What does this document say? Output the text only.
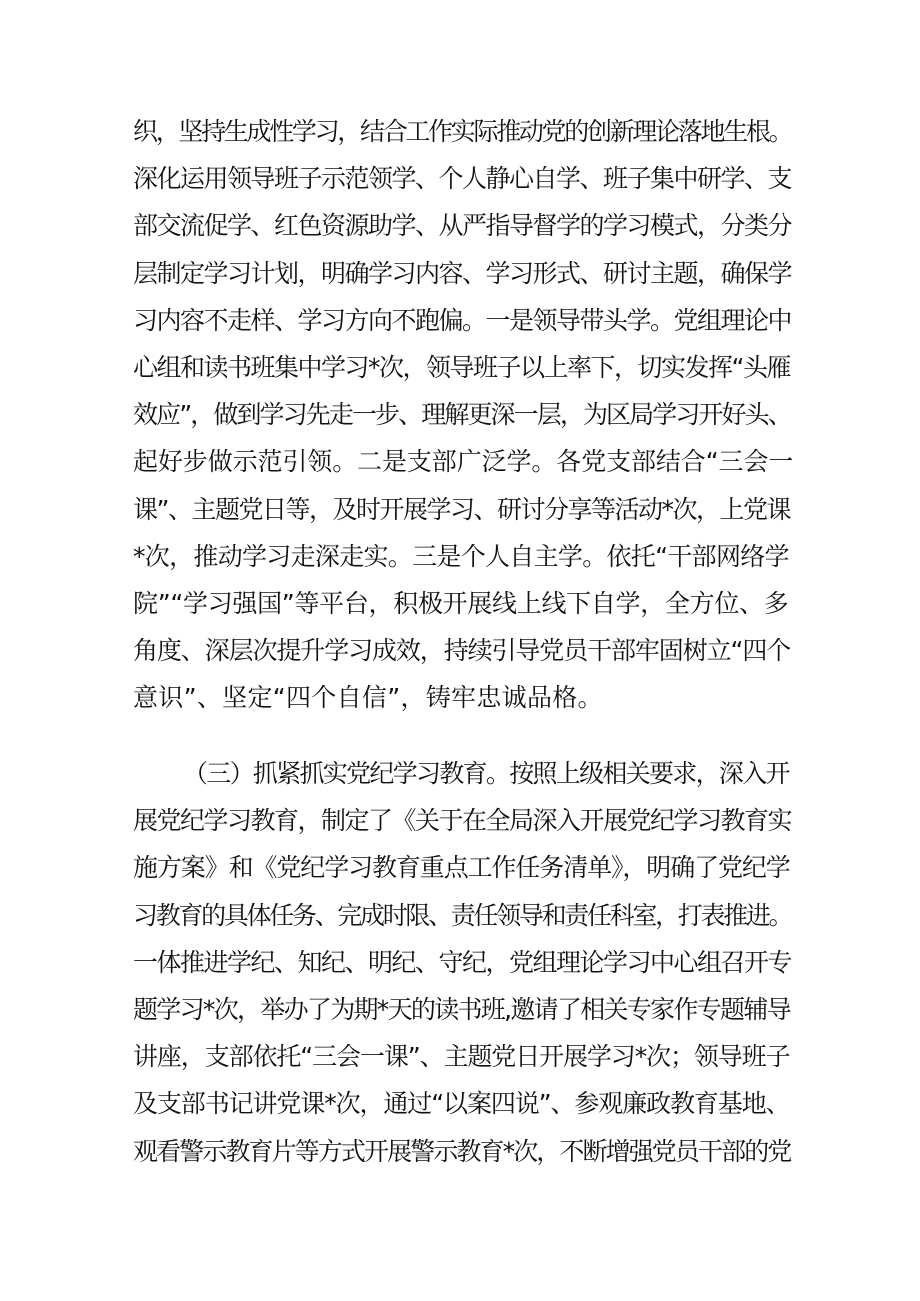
织，坚持生成性学习，结合工作实际推动党的创新理论落地生根。
深化运用领导班子示范领学、个人静心自学、班子集中研学、支
部交流促学、红色资源助学、从严指导督学的学习模式，分类分
层制定学习计划，明确学习内容、学习形式、研讨主题，确保学
习内容不走样、学习方向不跑偏。一是领导带头学。党组理论中
心组和读书班集中学习*次，领导班子以上率下，切实发挥“头雁
效应”，做到学习先走一步、理解更深一层，为区局学习开好头、
起好步做示范引领。二是支部广泛学。各党支部结合“三会一
课”、主题党日等，及时开展学习、研讨分享等活动*次，上党课
*次，推动学习走深走实。三是个人自主学。依托“干部网络学
院”“学习强国”等平台，积极开展线上线下自学，全方位、多
角度、深层次提升学习成效，持续引导党员干部牢固树立“四个
意识”、坚定“四个自信”，铸牢忠诚品格。
（三）抓紧抓实党纪学习教育。按照上级相关要求，深入开
展党纪学习教育，制定了《关于在全局深入开展党纪学习教育实
施方案》和《党纪学习教育重点工作任务清单》，明确了党纪学
习教育的具体任务、完成时限、责任领导和责任科室，打表推进。
一体推进学纪、知纪、明纪、守纪，党组理论学习中心组召开专
题学习*次，举办了为期*天的读书班,邀请了相关专家作专题辅导
讲座，支部依托“三会一课”、主题党日开展学习*次；领导班子
及支部书记讲党课*次，通过“以案四说”、参观廉政教育基地、
观看警示教育片等方式开展警示教育*次，不断增强党员干部的党
